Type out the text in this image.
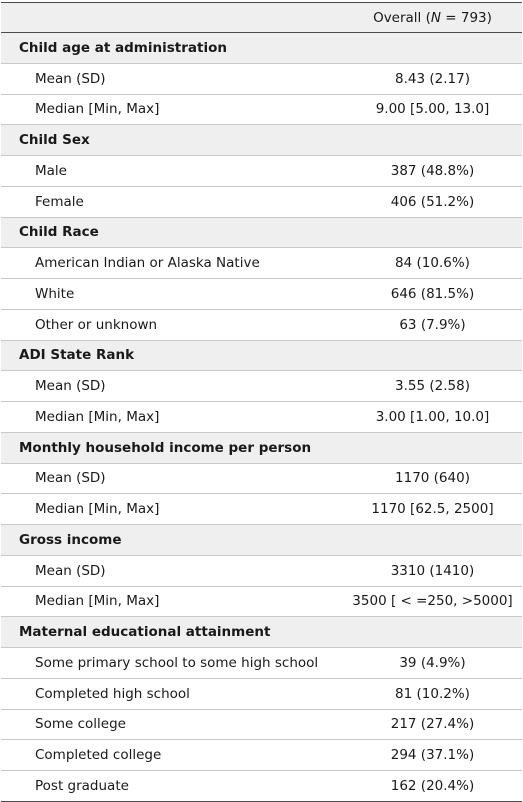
	Overall (N = 793)
Child age at administration	
Mean (SD)	8.43 (2.17)
Median [Min, Max]	9.00 [5.00, 13.0]
Child Sex	
Male	387 (48.8%)
Female	406 (51.2%)
Child Race	
American Indian or Alaska Native	84 (10.6%)
White	646 (81.5%)
Other or unknown	63 (7.9%)
ADI State Rank	
Mean (SD)	3.55 (2.58)
Median [Min, Max]	3.00 [1.00, 10.0]
Monthly household income per person	
Mean (SD)	1170 (640)
Median [Min, Max]	1170 [62.5, 2500]
Gross income	
Mean (SD)	3310 (1410)
Median [Min, Max]	3500 [ < =250, >5000]
Maternal educational attainment	
Some primary school to some high school	39 (4.9%)
Completed high school	81 (10.2%)
Some college	217 (27.4%)
Completed college	294 (37.1%)
Post graduate	162 (20.4%)
